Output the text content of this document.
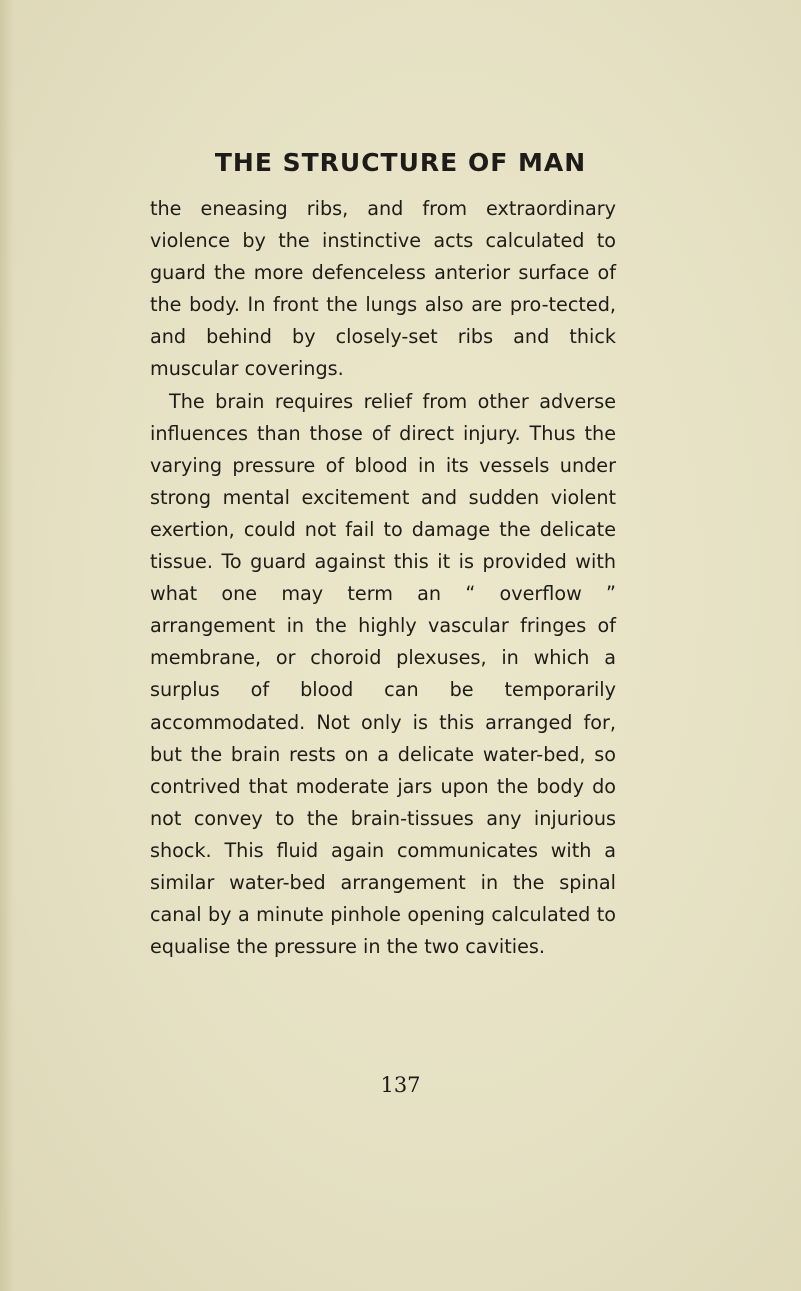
THE STRUCTURE OF MAN

the eneasing ribs, and from extraordinary violence by the instinctive acts calculated to guard the more defenceless anterior surface of the body. In front the lungs also are pro-tected, and behind by closely-set ribs and thick muscular coverings.

The brain requires relief from other adverse influences than those of direct injury. Thus the varying pressure of blood in its vessels under strong mental excitement and sudden violent exertion, could not fail to damage the delicate tissue. To guard against this it is provided with what one may term an “ overflow ” arrangement in the highly vascular fringes of membrane, or choroid plexuses, in which a surplus of blood can be temporarily accommodated. Not only is this arranged for, but the brain rests on a delicate water-bed, so contrived that moderate jars upon the body do not convey to the brain-tissues any injurious shock. This fluid again communicates with a similar water-bed arrangement in the spinal canal by a minute pinhole opening calculated to equalise the pressure in the two cavities.

137
